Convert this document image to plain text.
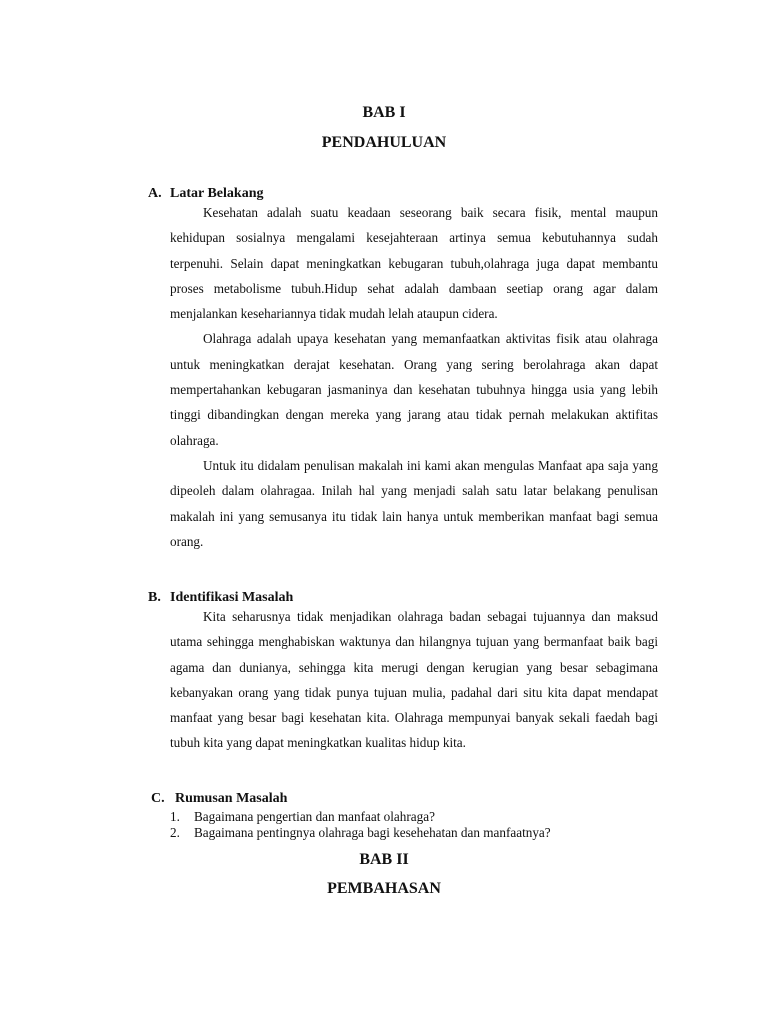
BAB I
PENDAHULUAN
A. Latar Belakang

Kesehatan adalah suatu keadaan seseorang baik secara fisik, mental maupun kehidupan sosialnya mengalami kesejahteraan artinya semua kebutuhannya sudah terpenuhi. Selain dapat meningkatkan kebugaran tubuh,olahraga juga dapat membantu proses metabolisme tubuh.Hidup sehat adalah dambaan seetiap orang agar dalam menjalankan kesehariannya tidak mudah lelah ataupun cidera.

Olahraga adalah upaya kesehatan yang memanfaatkan aktivitas fisik atau olahraga untuk meningkatkan derajat kesehatan. Orang yang sering berolahraga akan dapat mempertahankan kebugaran jasmaninya dan kesehatan tubuhnya hingga usia yang lebih tinggi dibandingkan dengan mereka yang jarang atau tidak pernah melakukan aktifitas olahraga.

Untuk itu didalam penulisan makalah ini kami akan mengulas Manfaat apa saja yang dipeoleh dalam olahragaa. Inilah hal yang menjadi salah satu latar belakang penulisan makalah ini yang semusanya itu tidak lain hanya untuk memberikan manfaat bagi semua orang.

B. Identifikasi Masalah

Kita seharusnya tidak menjadikan olahraga badan sebagai tujuannya dan maksud utama sehingga menghabiskan waktunya dan hilangnya tujuan yang bermanfaat baik bagi agama dan dunianya, sehingga kita merugi dengan kerugian yang besar sebagimana kebanyakan orang yang tidak punya tujuan mulia, padahal dari situ kita dapat mendapat manfaat yang besar bagi kesehatan kita. Olahraga mempunyai banyak sekali faedah bagi tubuh kita yang dapat meningkatkan kualitas hidup kita.

C. Rumusan Masalah
1.	Bagaimana pengertian dan manfaat olahraga?
2.	Bagaimana pentingnya olahraga bagi kesehehatan dan manfaatnya?
BAB II
PEMBAHASAN
